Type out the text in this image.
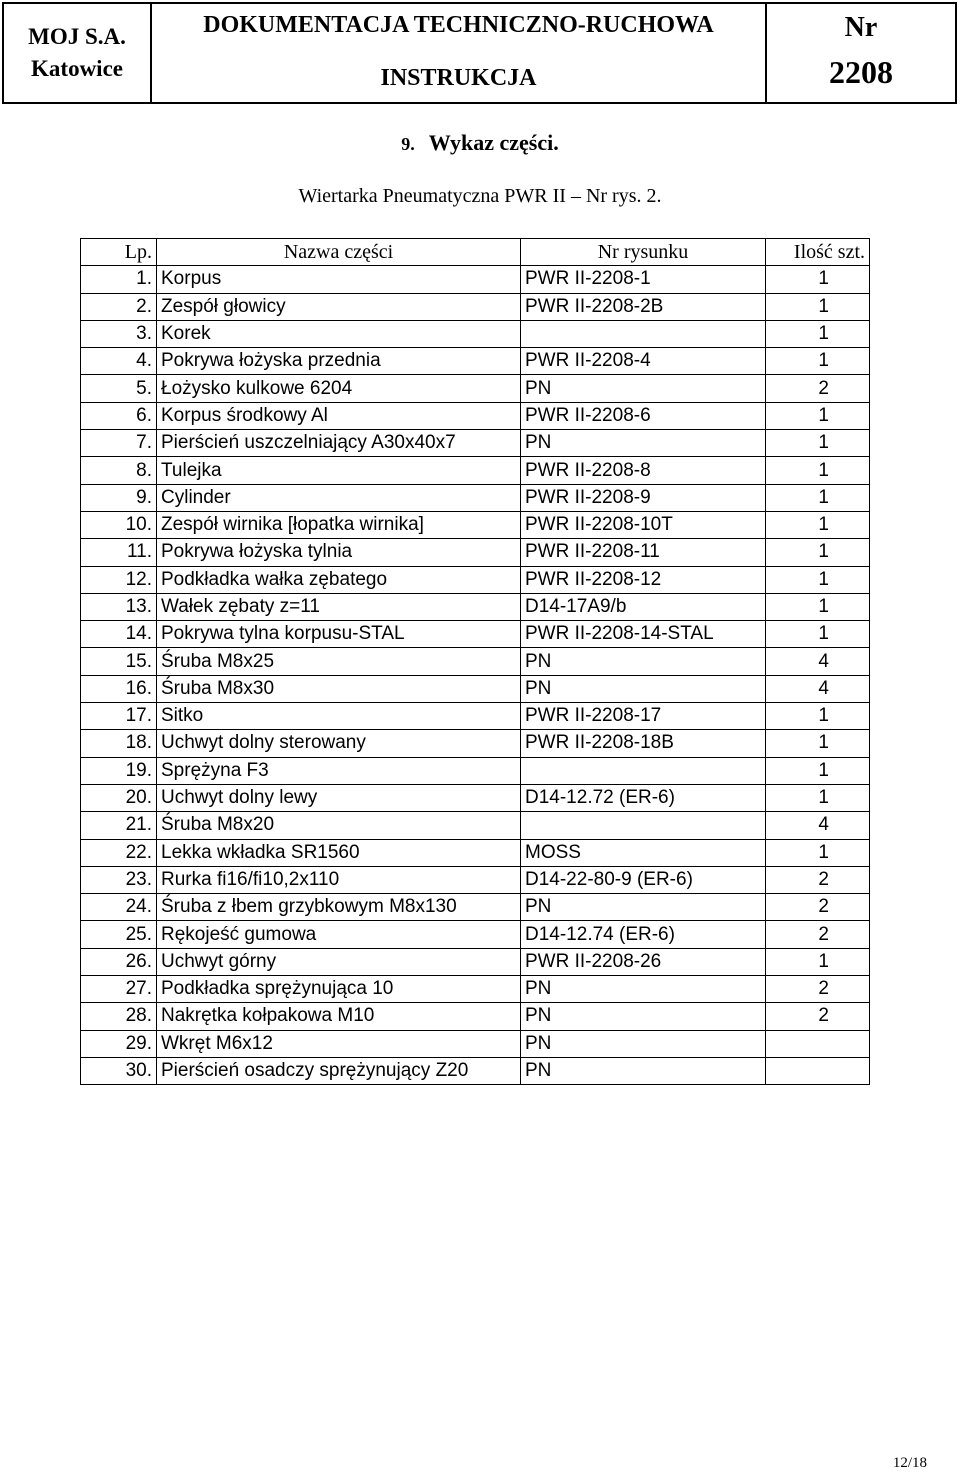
MOJ S.A.
Katowice
DOKUMENTACJA TECHNICZNO-RUCHOWA
INSTRUKCJA
Nr
2208
9. Wykaz części.
Wiertarka Pneumatyczna PWR II – Nr rys. 2.
Lp.	Nazwa części	Nr rysunku	Ilość szt.
1.	Korpus	PWR II-2208-1	1
2.	Zespół głowicy	PWR II-2208-2B	1
3.	Korek		1
4.	Pokrywa łożyska przednia	PWR II-2208-4	1
5.	Łożysko kulkowe 6204	PN	2
6.	Korpus środkowy Al	PWR II-2208-6	1
7.	Pierścień uszczelniający A30x40x7	PN	1
8.	Tulejka	PWR II-2208-8	1
9.	Cylinder	PWR II-2208-9	1
10.	Zespół wirnika [łopatka wirnika]	PWR II-2208-10T	1
11.	Pokrywa łożyska tylnia	PWR II-2208-11	1
12.	Podkładka wałka zębatego	PWR II-2208-12	1
13.	Wałek zębaty z=11	D14-17A9/b	1
14.	Pokrywa tylna korpusu-STAL	PWR II-2208-14-STAL	1
15.	Śruba M8x25	PN	4
16.	Śruba M8x30	PN	4
17.	Sitko	PWR II-2208-17	1
18.	Uchwyt dolny sterowany	PWR II-2208-18B	1
19.	Sprężyna F3		1
20.	Uchwyt dolny lewy	D14-12.72 (ER-6)	1
21.	Śruba M8x20		4
22.	Lekka wkładka SR1560	MOSS	1
23.	Rurka fi16/fi10,2x110	D14-22-80-9 (ER-6)	2
24.	Śruba z łbem grzybkowym M8x130	PN	2
25.	Rękojeść gumowa	D14-12.74 (ER-6)	2
26.	Uchwyt górny	PWR II-2208-26	1
27.	Podkładka sprężynująca 10	PN	2
28.	Nakrętka kołpakowa M10	PN	2
29.	Wkręt M6x12	PN	
30.	Pierścień osadczy sprężynujący Z20	PN	
12/18
